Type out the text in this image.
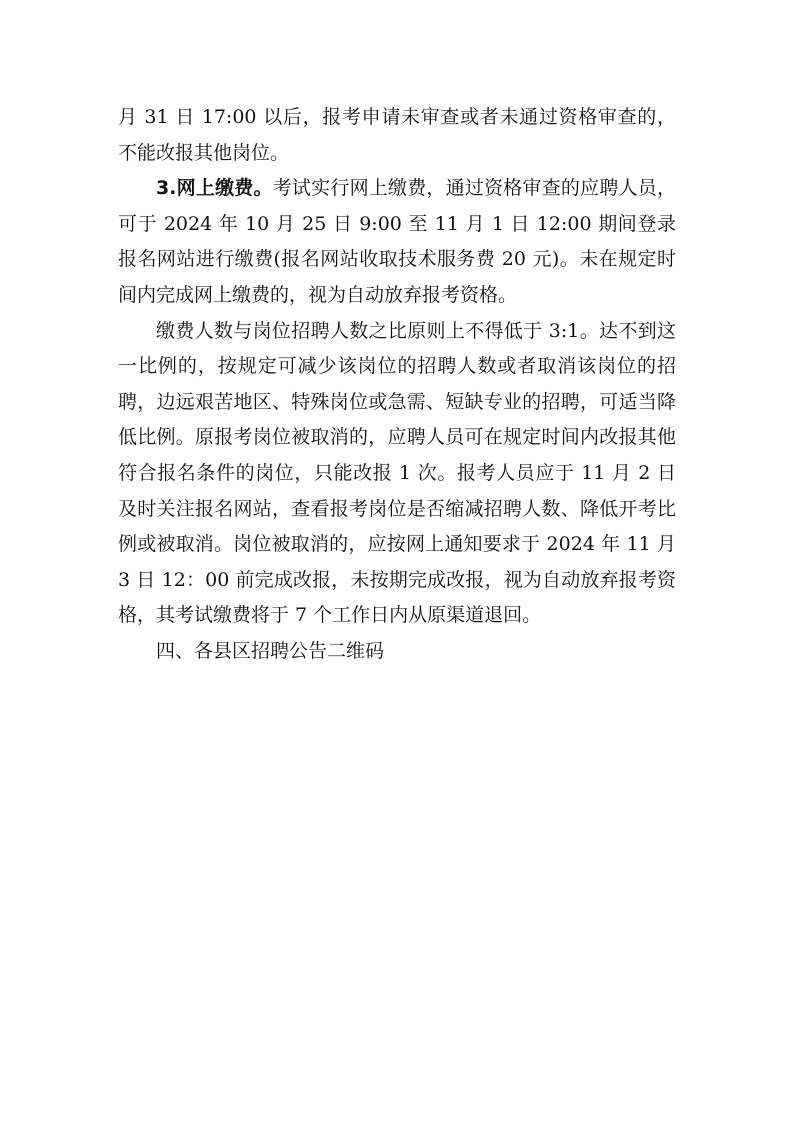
月 31 日 17:00 以后，报考申请未审查或者未通过资格审查的，不能改报其他岗位。

3.网上缴费。考试实行网上缴费，通过资格审查的应聘人员，可于 2024 年 10 月 25 日 9:00 至 11 月 1 日 12:00 期间登录报名网站进行缴费(报名网站收取技术服务费 20 元)。未在规定时间内完成网上缴费的，视为自动放弃报考资格。

缴费人数与岗位招聘人数之比原则上不得低于 3:1。达不到这一比例的，按规定可减少该岗位的招聘人数或者取消该岗位的招聘，边远艰苦地区、特殊岗位或急需、短缺专业的招聘，可适当降低比例。原报考岗位被取消的，应聘人员可在规定时间内改报其他符合报名条件的岗位，只能改报 1 次。报考人员应于 11 月 2 日及时关注报名网站，查看报考岗位是否缩减招聘人数、降低开考比例或被取消。岗位被取消的，应按网上通知要求于 2024 年 11 月 3 日 12：00 前完成改报，未按期完成改报，视为自动放弃报考资格，其考试缴费将于 7 个工作日内从原渠道退回。

四、各县区招聘公告二维码
